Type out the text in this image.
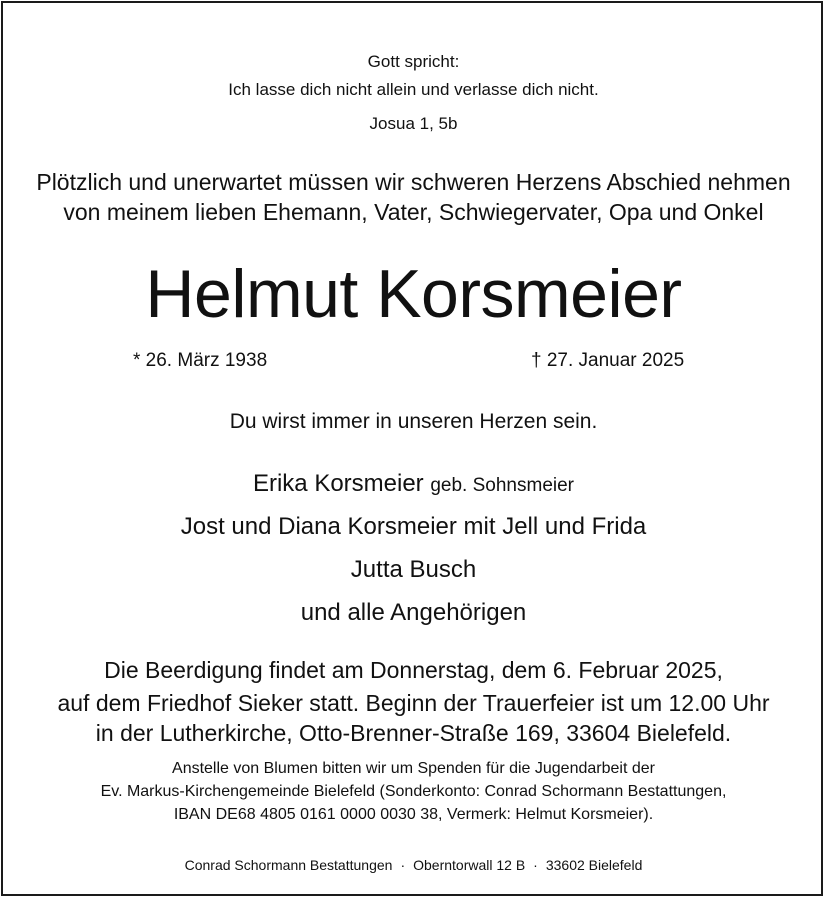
Gott spricht:
Ich lasse dich nicht allein und verlasse dich nicht.
Josua 1, 5b
Plötzlich und unerwartet müssen wir schweren Herzens Abschied nehmen
von meinem lieben Ehemann, Vater, Schwiegervater, Opa und Onkel
Helmut Korsmeier
* 26. März 1938	† 27. Januar 2025
Du wirst immer in unseren Herzen sein.
Erika Korsmeier geb. Sohnsmeier
Jost und Diana Korsmeier mit Jell und Frida
Jutta Busch
und alle Angehörigen
Die Beerdigung findet am Donnerstag, dem 6. Februar 2025,
auf dem Friedhof Sieker statt. Beginn der Trauerfeier ist um 12.00 Uhr
in der Lutherkirche, Otto-Brenner-Straße 169, 33604 Bielefeld.
Anstelle von Blumen bitten wir um Spenden für die Jugendarbeit der
Ev. Markus-Kirchengemeinde Bielefeld (Sonderkonto: Conrad Schormann Bestattungen,
IBAN DE68 4805 0161 0000 0030 38, Vermerk: Helmut Korsmeier).
Conrad Schormann Bestattungen · Oberntorwall 12 B · 33602 Bielefeld
